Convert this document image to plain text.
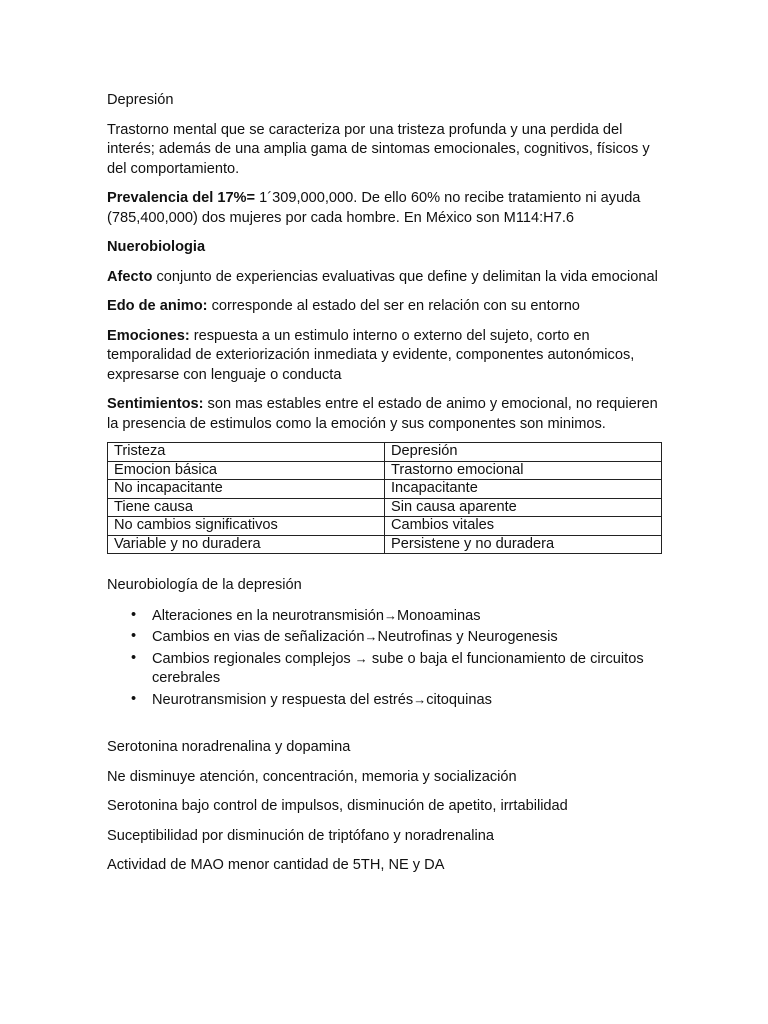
Depresión

Trastorno mental que se caracteriza por una tristeza profunda y una perdida del interés; además de una amplia gama de sintomas emocionales, cognitivos, físicos y del comportamiento.

Prevalencia del 17%= 1´309,000,000. De ello 60% no recibe tratamiento ni ayuda (785,400,000) dos mujeres por cada hombre. En México son M114:H7.6

Nuerobiologia

Afecto conjunto de experiencias evaluativas que define y delimitan la vida emocional

Edo de animo: corresponde al estado del ser en relación con su entorno

Emociones: respuesta a un estimulo interno o externo del sujeto, corto en temporalidad de exteriorización inmediata y evidente, componentes autonómicos, expresarse con lenguaje o conducta

Sentimientos: son mas estables entre el estado de animo y emocional, no requieren la presencia de estimulos como la emoción y sus componentes son minimos.

Tristeza	Depresión
Emocion básica	Trastorno emocional
No incapacitante	Incapacitante
Tiene causa	Sin causa aparente
No cambios significativos	Cambios vitales
Variable y no duradera	Persistene y no duradera

Neurobiología de la depresión

• Alteraciones en la neurotransmisión→Monoaminas
• Cambios en vias de señalización→Neutrofinas y Neurogenesis
• Cambios regionales complejos → sube o baja el funcionamiento de circuitos cerebrales
• Neurotransmision y respuesta del estrés→citoquinas

Serotonina noradrenalina y dopamina

Ne disminuye atención, concentración, memoria y socialización

Serotonina bajo control de impulsos, disminución de apetito, irrtabilidad

Suceptibilidad por disminución de triptófano y noradrenalina

Actividad de MAO menor cantidad de 5TH, NE y DA
